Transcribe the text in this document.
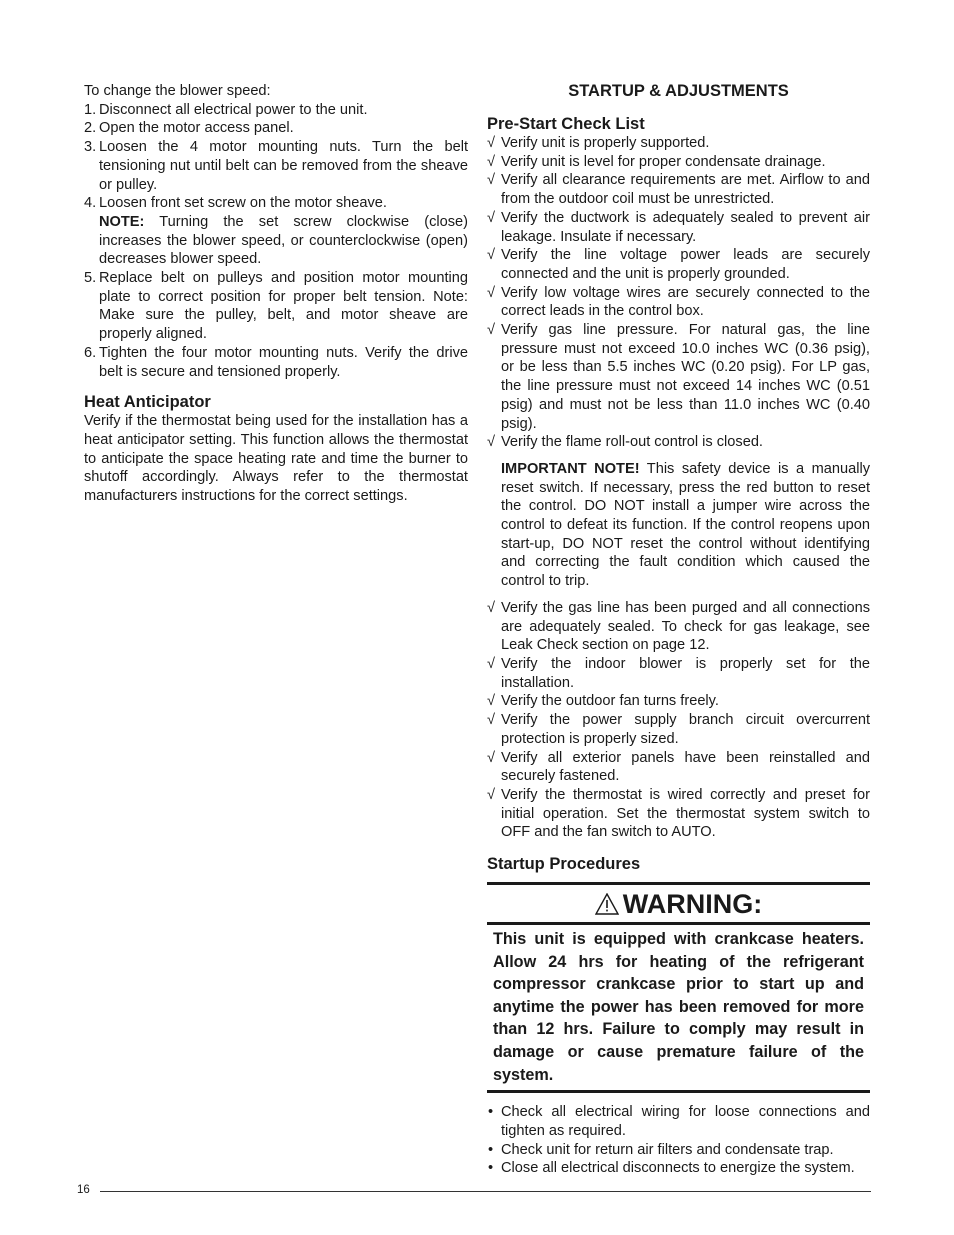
To change the blower speed:

1. Disconnect all electrical power to the unit.
2. Open the motor access panel.
3. Loosen the 4 motor mounting nuts. Turn the belt tensioning nut until belt can be removed from the sheave or pulley.
4. Loosen front set screw on the motor sheave.
NOTE: Turning the set screw clockwise (close) increases the blower speed, or counterclockwise (open) decreases blower speed.
5. Replace belt on pulleys and position motor mounting plate to correct position for proper belt tension. Note: Make sure the pulley, belt, and motor sheave are properly aligned.
6. Tighten the four motor mounting nuts. Verify the drive belt is secure and tensioned properly.
Heat Anticipator

Verify if the thermostat being used for the installation has a heat anticipator setting. This function allows the thermostat to anticipate the space heating rate and time the burner to shutoff accordingly. Always refer to the thermostat manufacturers instructions for the correct settings.

STARTUP & ADJUSTMENTS
Pre-Start Check List
√ Verify unit is properly supported.
√ Verify unit is level for proper condensate drainage.
√ Verify all clearance requirements are met. Airflow to and from the outdoor coil must be unrestricted.
√ Verify the ductwork is adequately sealed to prevent air leakage. Insulate if necessary.
√ Verify the line voltage power leads are securely connected and the unit is properly grounded.
√ Verify low voltage wires are securely connected to the correct leads in the control box.
√ Verify gas line pressure. For natural gas, the line pressure must not exceed 10.0 inches WC (0.36 psig), or be less than 5.5 inches WC (0.20 psig). For LP gas, the line pressure must not exceed 14 inches WC (0.51 psig) and must not be less than 11.0 inches WC (0.40 psig).
√ Verify the flame roll-out control is closed.

IMPORTANT NOTE! This safety device is a manually reset switch. If necessary, press the red button to reset the control. DO NOT install a jumper wire across the control to defeat its function. If the control reopens upon start-up, DO NOT reset the control without identifying and correcting the fault condition which caused the control to trip.

√ Verify the gas line has been purged and all connections are adequately sealed. To check for gas leakage, see Leak Check section on page 12.
√ Verify the indoor blower is properly set for the installation.
√ Verify the outdoor fan turns freely.
√ Verify the power supply branch circuit overcurrent protection is properly sized.
√ Verify all exterior panels have been reinstalled and securely fastened.
√ Verify the thermostat is wired correctly and preset for initial operation. Set the thermostat system switch to OFF and the fan switch to AUTO.
Startup Procedures
WARNING:
This unit is equipped with crankcase heaters. Allow 24 hrs for heating of the refrigerant compressor crankcase prior to start up and anytime the power has been removed for more than 12 hrs. Failure to comply may result in damage or cause premature failure of the system.
• Check all electrical wiring for loose connections and tighten as required.
• Check unit for return air filters and condensate trap.
• Close all electrical disconnects to energize the system.
16
